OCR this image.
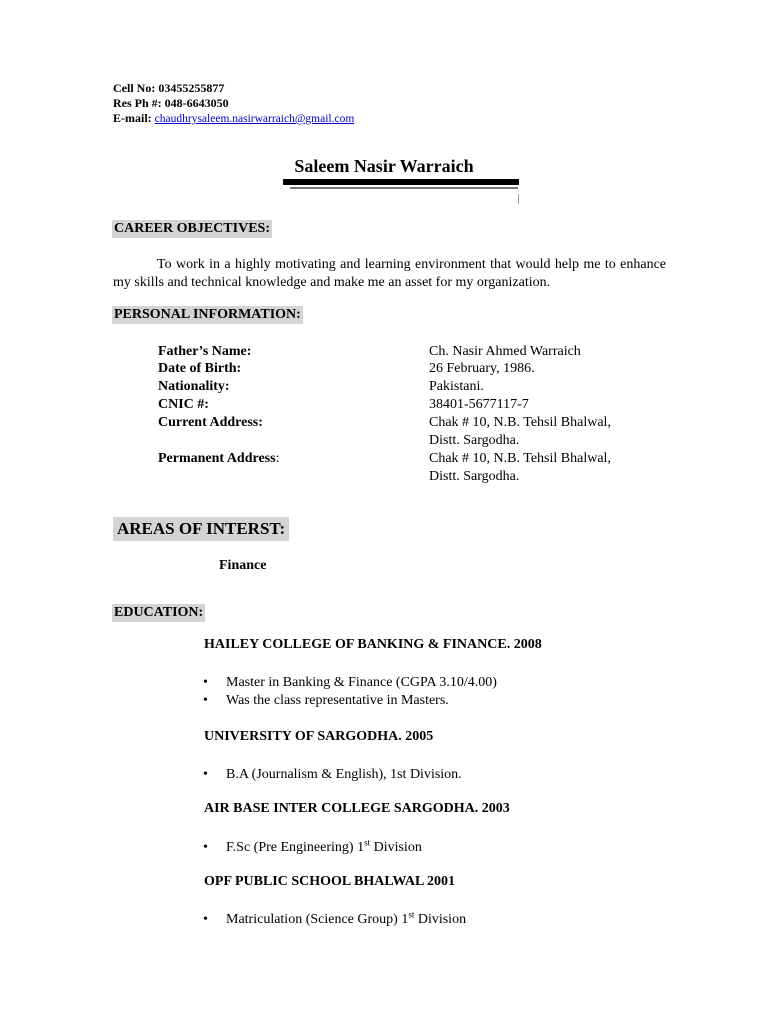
Cell No: 03455255877
Res Ph #: 048-6643050
E-mail: chaudhrysaleem.nasirwarraich@gmail.com
Saleem Nasir Warraich
CAREER OBJECTIVES:
To work in a highly motivating and learning environment that would help me to enhance my skills and technical knowledge and make me an asset for my organization.
PERSONAL INFORMATION:
Father’s Name:	Ch. Nasir Ahmed Warraich
Date of Birth:	26 February, 1986.
Nationality:	Pakistani.
CNIC #:	38401-5677117-7
Current Address:	Chak # 10, N.B. Tehsil Bhalwal,
Distt. Sargodha.
Permanent Address:	Chak # 10, N.B. Tehsil Bhalwal,
Distt. Sargodha.
AREAS OF INTERST:
Finance
EDUCATION:
HAILEY COLLEGE OF BANKING & FINANCE. 2008
• Master in Banking & Finance (CGPA 3.10/4.00)
• Was the class representative in Masters.
UNIVERSITY OF SARGODHA. 2005
• B.A (Journalism & English), 1st Division.
AIR BASE INTER COLLEGE SARGODHA. 2003
• F.Sc (Pre Engineering) 1st Division
OPF PUBLIC SCHOOL BHALWAL 2001
• Matriculation (Science Group) 1st Division
